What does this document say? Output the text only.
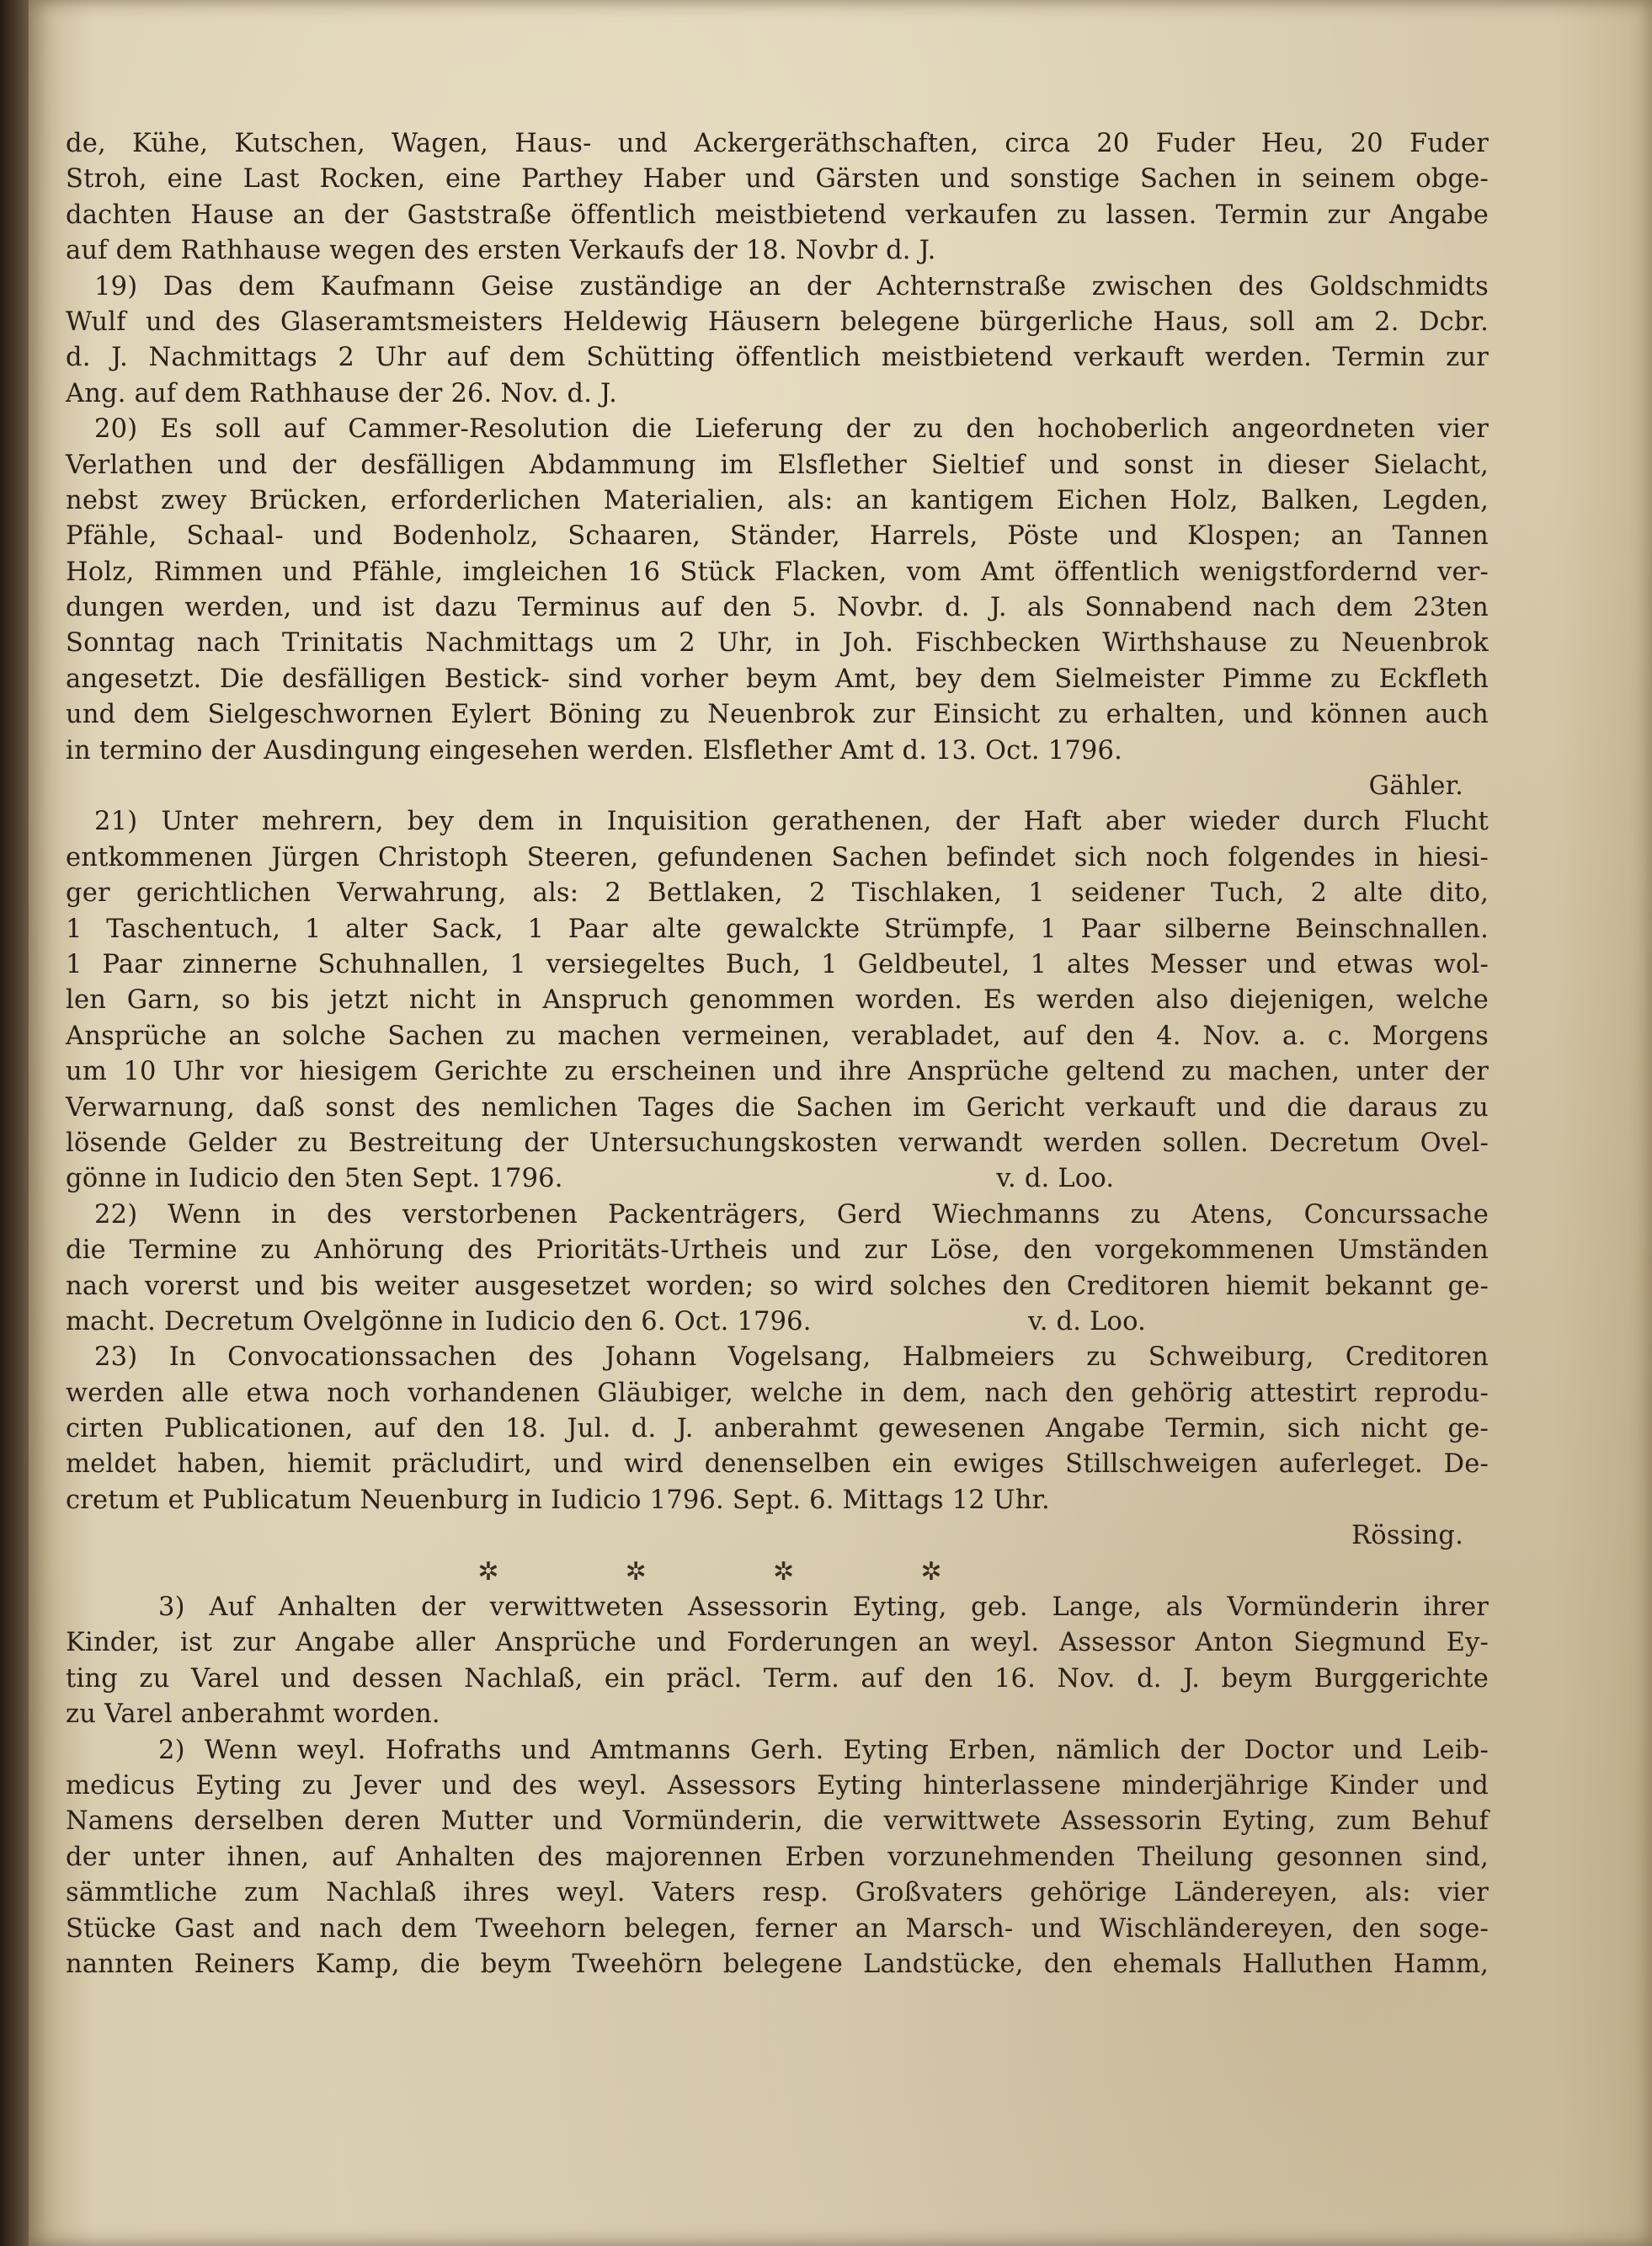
de, Kühe, Kutschen, Wagen, Haus- und Ackergeräthschaften, circa 20 Fuder Heu, 20 Fuder
Stroh, eine Last Rocken, eine Parthey Haber und Gärsten und sonstige Sachen in seinem obge-
dachten Hause an der Gaststraße öffentlich meistbietend verkaufen zu lassen. Termin zur Angabe
auf dem Rathhause wegen des ersten Verkaufs der 18. Novbr d. J.
19) Das dem Kaufmann Geise zuständige an der Achternstraße zwischen des Goldschmidts
Wulf und des Glaseramtsmeisters Heldewig Häusern belegene bürgerliche Haus, soll am 2. Dcbr.
d. J. Nachmittags 2 Uhr auf dem Schütting öffentlich meistbietend verkauft werden. Termin zur
Ang. auf dem Rathhause der 26. Nov. d. J.
20) Es soll auf Cammer-Resolution die Lieferung der zu den hochoberlich angeordneten vier
Verlathen und der desfälligen Abdammung im Elsflether Sieltief und sonst in dieser Sielacht,
nebst zwey Brücken, erforderlichen Materialien, als: an kantigem Eichen Holz, Balken, Legden,
Pfähle, Schaal- und Bodenholz, Schaaren, Ständer, Harrels, Pöste und Klospen; an Tannen
Holz, Rimmen und Pfähle, imgleichen 16 Stück Flacken, vom Amt öffentlich wenigstfordernd ver-
dungen werden, und ist dazu Terminus auf den 5. Novbr. d. J. als Sonnabend nach dem 23ten
Sonntag nach Trinitatis Nachmittags um 2 Uhr, in Joh. Fischbecken Wirthshause zu Neuenbrok
angesetzt. Die desfälligen Bestick- sind vorher beym Amt, bey dem Sielmeister Pimme zu Eckfleth
und dem Sielgeschwornen Eylert Böning zu Neuenbrok zur Einsicht zu erhalten, und können auch
in termino der Ausdingung eingesehen werden. Elsflether Amt d. 13. Oct. 1796.
Gähler.
21) Unter mehrern, bey dem in Inquisition gerathenen, der Haft aber wieder durch Flucht
entkommenen Jürgen Christoph Steeren, gefundenen Sachen befindet sich noch folgendes in hiesi-
ger gerichtlichen Verwahrung, als: 2 Bettlaken, 2 Tischlaken, 1 seidener Tuch, 2 alte dito,
1 Taschentuch, 1 alter Sack, 1 Paar alte gewalckte Strümpfe, 1 Paar silberne Beinschnallen.
1 Paar zinnerne Schuhnallen, 1 versiegeltes Buch, 1 Geldbeutel, 1 altes Messer und etwas wol-
len Garn, so bis jetzt nicht in Anspruch genommen worden. Es werden also diejenigen, welche
Ansprüche an solche Sachen zu machen vermeinen, verabladet, auf den 4. Nov. a. c. Morgens
um 10 Uhr vor hiesigem Gerichte zu erscheinen und ihre Ansprüche geltend zu machen, unter der
Verwarnung, daß sonst des nemlichen Tages die Sachen im Gericht verkauft und die daraus zu
lösende Gelder zu Bestreitung der Untersuchungskosten verwandt werden sollen. Decretum Ovel-
gönne in Iudicio den 5ten Sept. 1796.                                                    v. d. Loo.
22) Wenn in des verstorbenen Packenträgers, Gerd Wiechmanns zu Atens, Concurssache
die Termine zu Anhörung des Prioritäts-Urtheis und zur Löse, den vorgekommenen Umständen
nach vorerst und bis weiter ausgesetzet worden; so wird solches den Creditoren hiemit bekannt ge-
macht. Decretum Ovelgönne in Iudicio den 6. Oct. 1796.                          v. d. Loo.
23) In Convocationssachen des Johann Vogelsang, Halbmeiers zu Schweiburg, Creditoren
werden alle etwa noch vorhandenen Gläubiger, welche in dem, nach den gehörig attestirt reprodu-
cirten Publicationen, auf den 18. Jul. d. J. anberahmt gewesenen Angabe Termin, sich nicht ge-
meldet haben, hiemit präcludirt, und wird denenselben ein ewiges Stillschweigen auferleget. De-
cretum et Publicatum Neuenburg in Iudicio 1796. Sept. 6. Mittags 12 Uhr.
Rössing.
✲	✲	✲	✲
3) Auf Anhalten der verwittweten Assessorin Eyting, geb. Lange, als Vormünderin ihrer
Kinder, ist zur Angabe aller Ansprüche und Forderungen an weyl. Assessor Anton Siegmund Ey-
ting zu Varel und dessen Nachlaß, ein präcl. Term. auf den 16. Nov. d. J. beym Burggerichte
zu Varel anberahmt worden.
2) Wenn weyl. Hofraths und Amtmanns Gerh. Eyting Erben, nämlich der Doctor und Leib-
medicus Eyting zu Jever und des weyl. Assessors Eyting hinterlassene minderjährige Kinder und
Namens derselben deren Mutter und Vormünderin, die verwittwete Assessorin Eyting, zum Behuf
der unter ihnen, auf Anhalten des majorennen Erben vorzunehmenden Theilung gesonnen sind,
sämmtliche zum Nachlaß ihres weyl. Vaters resp. Großvaters gehörige Ländereyen, als: vier
Stücke Gast and nach dem Tweehorn belegen, ferner an Marsch- und Wischländereyen, den soge-
nannten Reiners Kamp, die beym Tweehörn belegene Landstücke, den ehemals Halluthen Hamm,
